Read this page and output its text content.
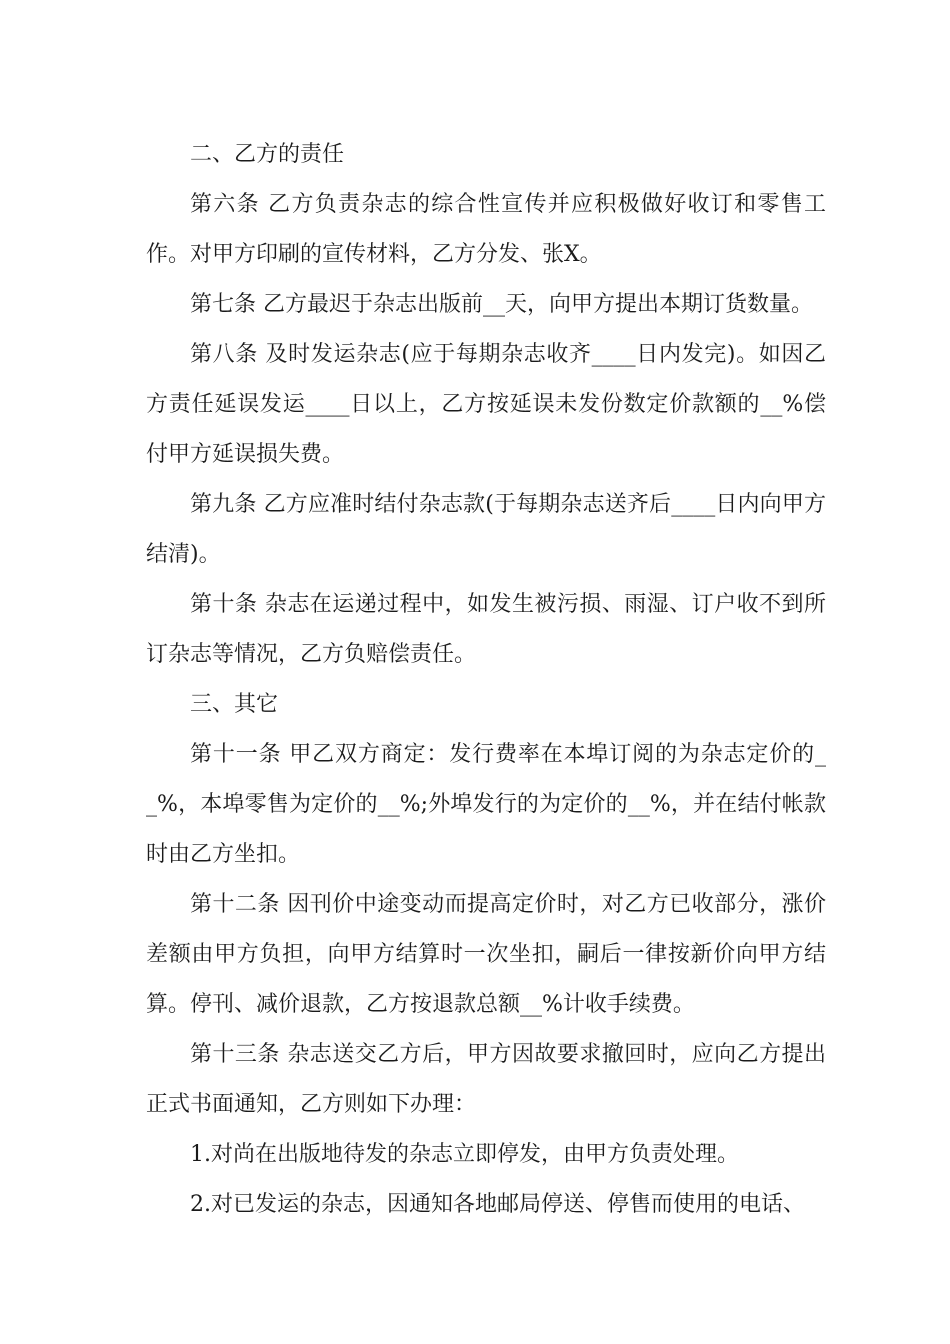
二、乙方的责任

第六条 乙方负责杂志的综合性宣传并应积极做好收订和零售工作。对甲方印刷的宣传材料，乙方分发、张X。

第七条 乙方最迟于杂志出版前__天，向甲方提出本期订货数量。

第八条 及时发运杂志(应于每期杂志收齐____日内发完)。如因乙方责任延误发运____日以上，乙方按延误未发份数定价款额的__%偿付甲方延误损失费。

第九条 乙方应准时结付杂志款(于每期杂志送齐后____日内向甲方结清)。

第十条 杂志在运递过程中，如发生被污损、雨湿、订户收不到所订杂志等情况，乙方负赔偿责任。

三、其它

第十一条 甲乙双方商定：发行费率在本埠订阅的为杂志定价的__%，本埠零售为定价的__%;外埠发行的为定价的__%，并在结付帐款时由乙方坐扣。

第十二条 因刊价中途变动而提高定价时，对乙方已收部分，涨价差额由甲方负担，向甲方结算时一次坐扣，嗣后一律按新价向甲方结算。停刊、减价退款，乙方按退款总额__%计收手续费。

第十三条 杂志送交乙方后，甲方因故要求撤回时，应向乙方提出正式书面通知，乙方则如下办理：

1.对尚在出版地待发的杂志立即停发，由甲方负责处理。

2.对已发运的杂志，因通知各地邮局停送、停售而使用的电话、
